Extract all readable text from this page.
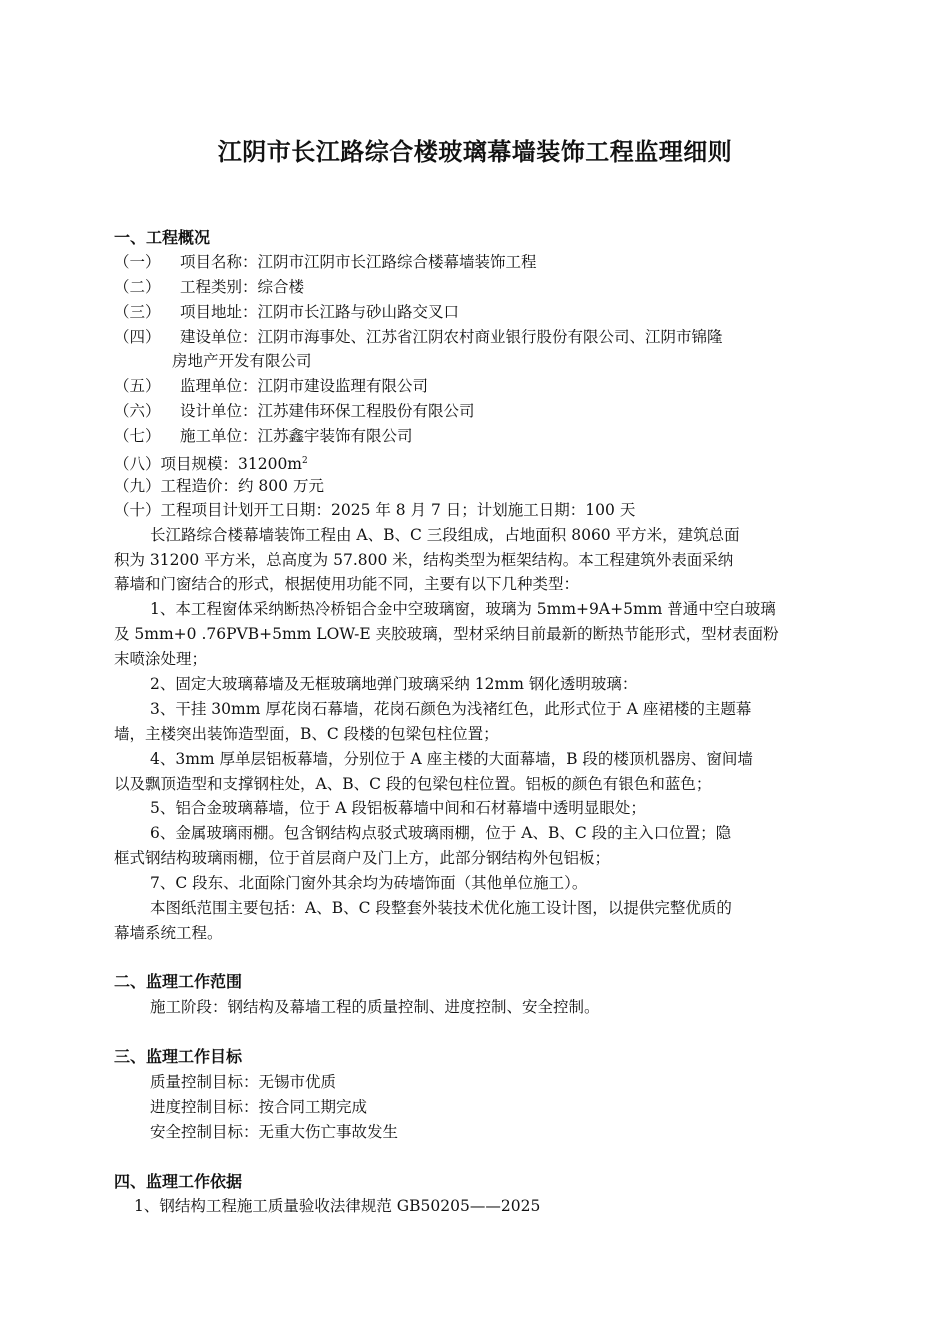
江阴市长江路综合楼玻璃幕墙装饰工程监理细则
一、工程概况
（一） 项目名称：江阴市江阴市长江路综合楼幕墙装饰工程
（二） 工程类别：综合楼
（三） 项目地址：江阴市长江路与砂山路交叉口
（四） 建设单位：江阴市海事处、江苏省江阴农村商业银行股份有限公司、江阴市锦隆
房地产开发有限公司
（五） 监理单位：江阴市建设监理有限公司
（六） 设计单位：江苏建伟环保工程股份有限公司
（七） 施工单位：江苏鑫宇装饰有限公司
（八）项目规模：$31200m^2$
（九）工程造价：约 800 万元
（十）工程项目计划开工日期：2025 年 8 月 7 日；计划施工日期：100 天
长江路综合楼幕墙装饰工程由 A、B、C 三段组成，占地面积 8060 平方米，建筑总面
积为 31200 平方米，总高度为 57.800 米，结构类型为框架结构。本工程建筑外表面采纳
幕墙和门窗结合的形式，根据使用功能不同，主要有以下几种类型：
1、本工程窗体采纳断热冷桥铝合金中空玻璃窗，玻璃为 5mm+9A+5mm 普通中空白玻璃
及 5mm+0 .76PVB+5mm LOW-E 夹胶玻璃，型材采纳目前最新的断热节能形式，型材表面粉
末喷涂处理；
2、固定大玻璃幕墙及无框玻璃地弹门玻璃采纳 12mm 钢化透明玻璃：
3、干挂 30mm 厚花岗石幕墙，花岗石颜色为浅褚红色，此形式位于 A 座裙楼的主题幕
墙，主楼突出装饰造型面，B、C 段楼的包梁包柱位置；
4、3mm 厚单层铝板幕墙，分别位于 A 座主楼的大面幕墙，B 段的楼顶机器房、窗间墙
以及飘顶造型和支撑钢柱处，A、B、C 段的包梁包柱位置。铝板的颜色有银色和蓝色；
5、铝合金玻璃幕墙，位于 A 段铝板幕墙中间和石材幕墙中透明显眼处；
6、金属玻璃雨棚。包含钢结构点驳式玻璃雨棚，位于 A、B、C 段的主入口位置；隐
框式钢结构玻璃雨棚，位于首层商户及门上方，此部分钢结构外包铝板；
7、C 段东、北面除门窗外其余均为砖墙饰面（其他单位施工）。
本图纸范围主要包括：A、B、C 段整套外装技术优化施工设计图，以提供完整优质的
幕墙系统工程。
二、监理工作范围
施工阶段：钢结构及幕墙工程的质量控制、进度控制、安全控制。
三、监理工作目标
质量控制目标：无锡市优质
进度控制目标：按合同工期完成
安全控制目标：无重大伤亡事故发生
四、监理工作依据
1、钢结构工程施工质量验收法律规范 GB50205——2025
